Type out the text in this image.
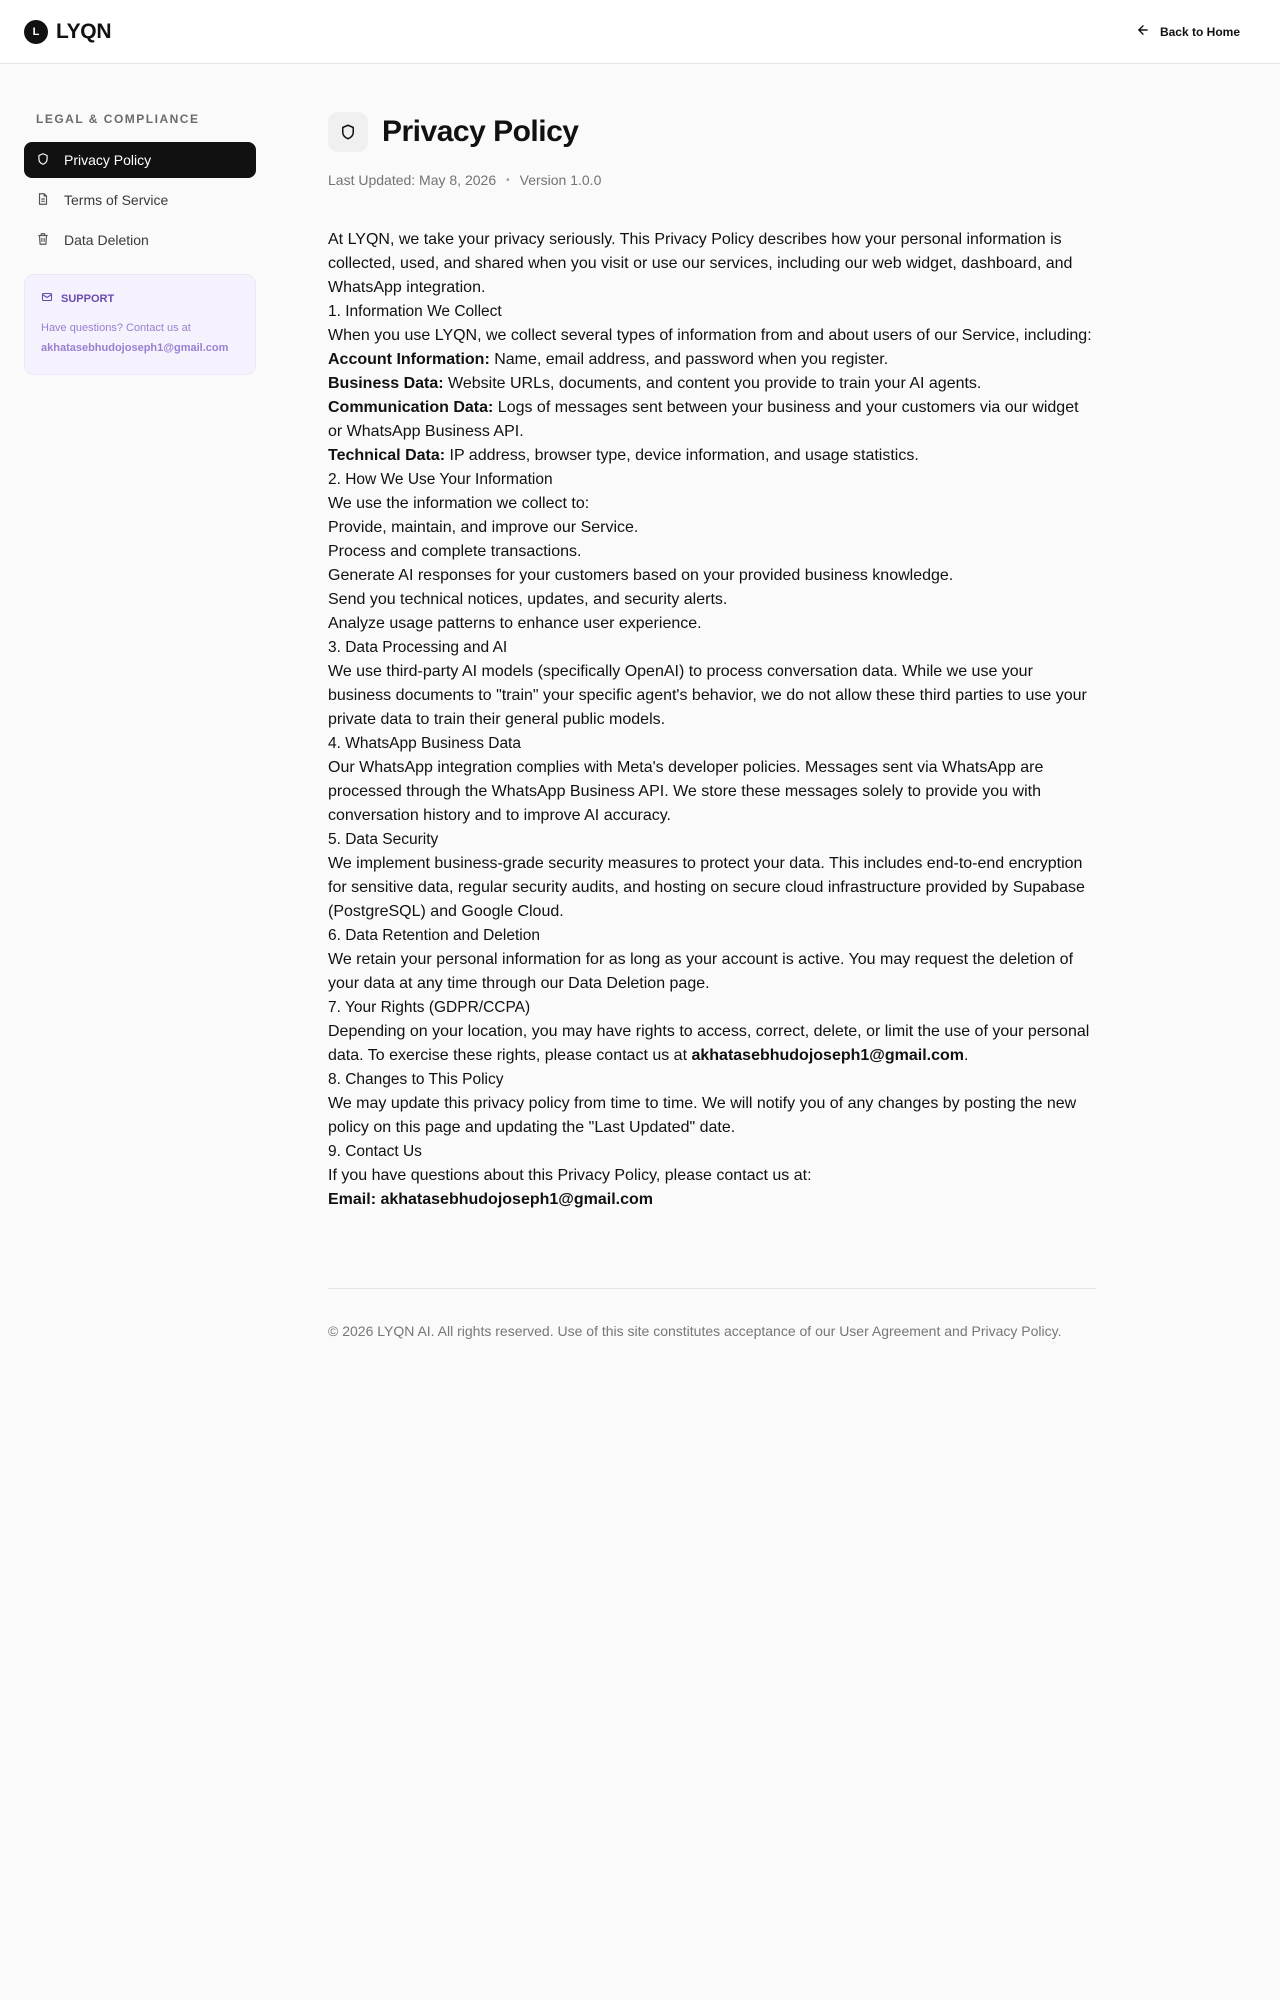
L LYQN	Back to Home
LEGAL & COMPLIANCE
Privacy Policy
Terms of Service
Data Deletion
SUPPORT
Have questions? Contact us at
akhatasebhudojoseph1@gmail.com
Privacy Policy
Last Updated: May 8, 2026 • Version 1.0.0

At LYQN, we take your privacy seriously. This Privacy Policy describes how your personal information is collected, used, and shared when you visit or use our services, including our web widget, dashboard, and WhatsApp integration.

1. Information We Collect

When you use LYQN, we collect several types of information from and about users of our Service, including:

Account Information: Name, email address, and password when you register.

Business Data: Website URLs, documents, and content you provide to train your AI agents.

Communication Data: Logs of messages sent between your business and your customers via our widget or WhatsApp Business API.

Technical Data: IP address, browser type, device information, and usage statistics.

2. How We Use Your Information

We use the information we collect to:

Provide, maintain, and improve our Service.

Process and complete transactions.

Generate AI responses for your customers based on your provided business knowledge.

Send you technical notices, updates, and security alerts.

Analyze usage patterns to enhance user experience.

3. Data Processing and AI

We use third-party AI models (specifically OpenAI) to process conversation data. While we use your business documents to "train" your specific agent's behavior, we do not allow these third parties to use your private data to train their general public models.

4. WhatsApp Business Data

Our WhatsApp integration complies with Meta's developer policies. Messages sent via WhatsApp are processed through the WhatsApp Business API. We store these messages solely to provide you with conversation history and to improve AI accuracy.

5. Data Security

We implement business-grade security measures to protect your data. This includes end-to-end encryption for sensitive data, regular security audits, and hosting on secure cloud infrastructure provided by Supabase (PostgreSQL) and Google Cloud.

6. Data Retention and Deletion

We retain your personal information for as long as your account is active. You may request the deletion of your data at any time through our Data Deletion page.

7. Your Rights (GDPR/CCPA)

Depending on your location, you may have rights to access, correct, delete, or limit the use of your personal data. To exercise these rights, please contact us at akhatasebhudojoseph1@gmail.com.

8. Changes to This Policy

We may update this privacy policy from time to time. We will notify you of any changes by posting the new policy on this page and updating the "Last Updated" date.

9. Contact Us

If you have questions about this Privacy Policy, please contact us at:

Email: akhatasebhudojoseph1@gmail.com

© 2026 LYQN AI. All rights reserved. Use of this site constitutes acceptance of our User Agreement and Privacy Policy.
